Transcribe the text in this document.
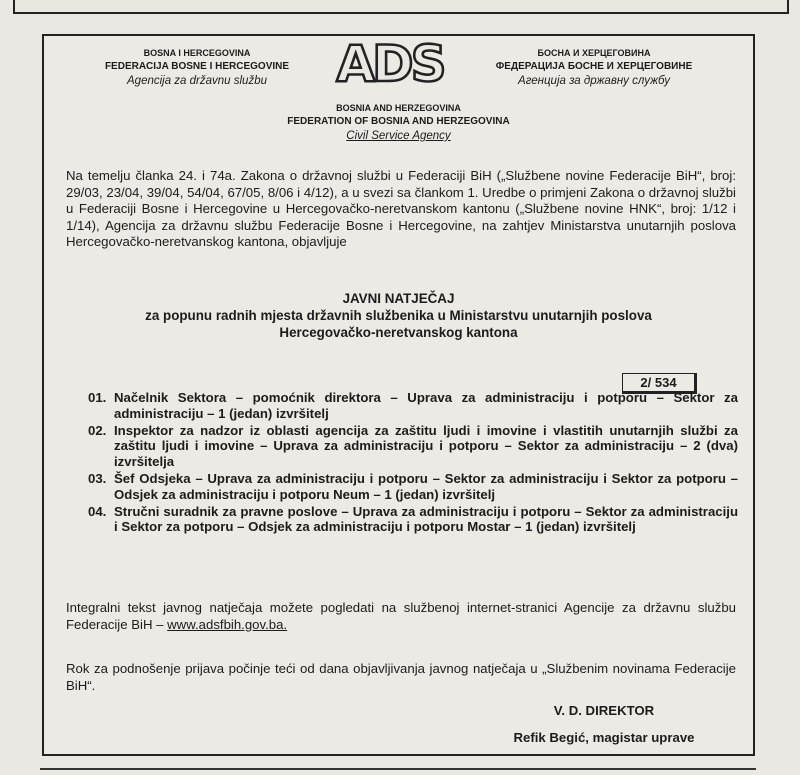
BOSNA I HERCEGOVINA
FEDERACIJA BOSNE I HERCEGOVINE
Agencija za državnu službu	ADS	БОСНА И ХЕРЦЕГОВИНА
ФЕДЕРАЦИЈА БОСНЕ И ХЕРЦЕГОВИНЕ
Агенција за државну службу
BOSNIA AND HERZEGOVINA
FEDERATION OF BOSNIA AND HERZEGOVINA
Civil Service Agency
Na temelju članka 24. i 74a. Zakona o državnoj službi u Federaciji BiH („Službene novine Federacije BiH“, broj: 29/03, 23/04, 39/04, 54/04, 67/05, 8/06 i 4/12), a u svezi sa člankom 1. Uredbe o primjeni Zakona o državnoj službi u Federaciji Bosne i Hercegovine u Hercegovačko-neretvanskom kantonu („Službene novine HNK“, broj: 1/12 i 1/14), Agencija za državnu službu Federacije Bosne i Hercegovine, na zahtjev Ministarstva unutarnjih poslova Hercegovačko-neretvanskog kantona, objavljuje
JAVNI NATJEČAJ
za popunu radnih mjesta državnih službenika u Ministarstvu unutarnjih poslova
Hercegovačko-neretvanskog kantona
2/ 534
01. Načelnik Sektora – pomoćnik direktora – Uprava za administraciju i potporu – Sektor za administraciju – 1 (jedan) izvršitelj
02. Inspektor za nadzor iz oblasti agencija za zaštitu ljudi i imovine i vlastitih unutarnjih službi za zaštitu ljudi i imovine – Uprava za administraciju i potporu – Sektor za administraciju – 2 (dva) izvršitelja
03. Šef Odsjeka – Uprava za administraciju i potporu – Sektor za administraciju i Sektor za potporu – Odsjek za administraciju i potporu Neum – 1 (jedan) izvršitelj
04. Stručni suradnik za pravne poslove – Uprava za administraciju i potporu – Sektor za administraciju i Sektor za potporu – Odsjek za administraciju i potporu Mostar – 1 (jedan) izvršitelj
Integralni tekst javnog natječaja možete pogledati na službenoj internet-stranici Agencije za državnu službu Federacije BiH – www.adsfbih.gov.ba.
Rok za podnošenje prijava počinje teći od dana objavljivanja javnog natječaja u „Službenim novinama Federacije BiH“.
V. D. DIREKTOR
Refik Begić, magistar uprave
